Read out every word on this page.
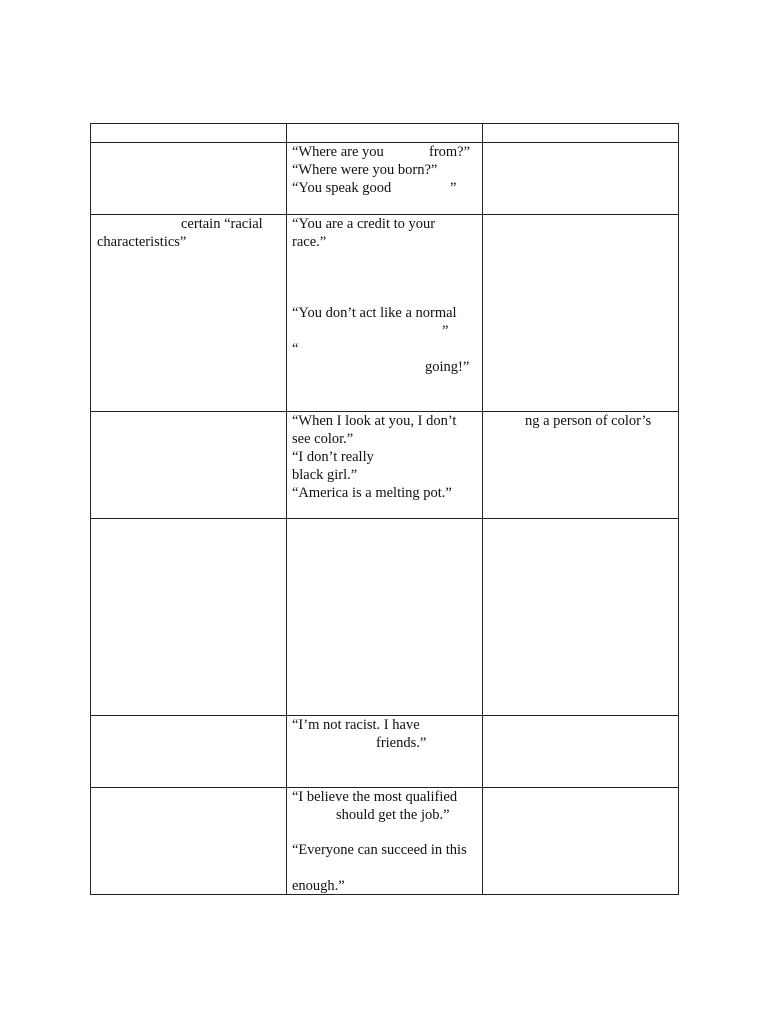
“Where are you	from?”
“Where were you born?”
“You speak good	”
certain “racial
characteristics”
“You are a credit to your
race.”
“You don’t act like a normal
”
“
going!”
“When I look at you, I don’t
see color.”
“I don’t really
black girl.”
“America is a melting pot.”
ng a person of color’s
“I’m not racist. I have
friends.”
“I believe the most qualified
should get the job.”
“Everyone can succeed in this
enough.”
